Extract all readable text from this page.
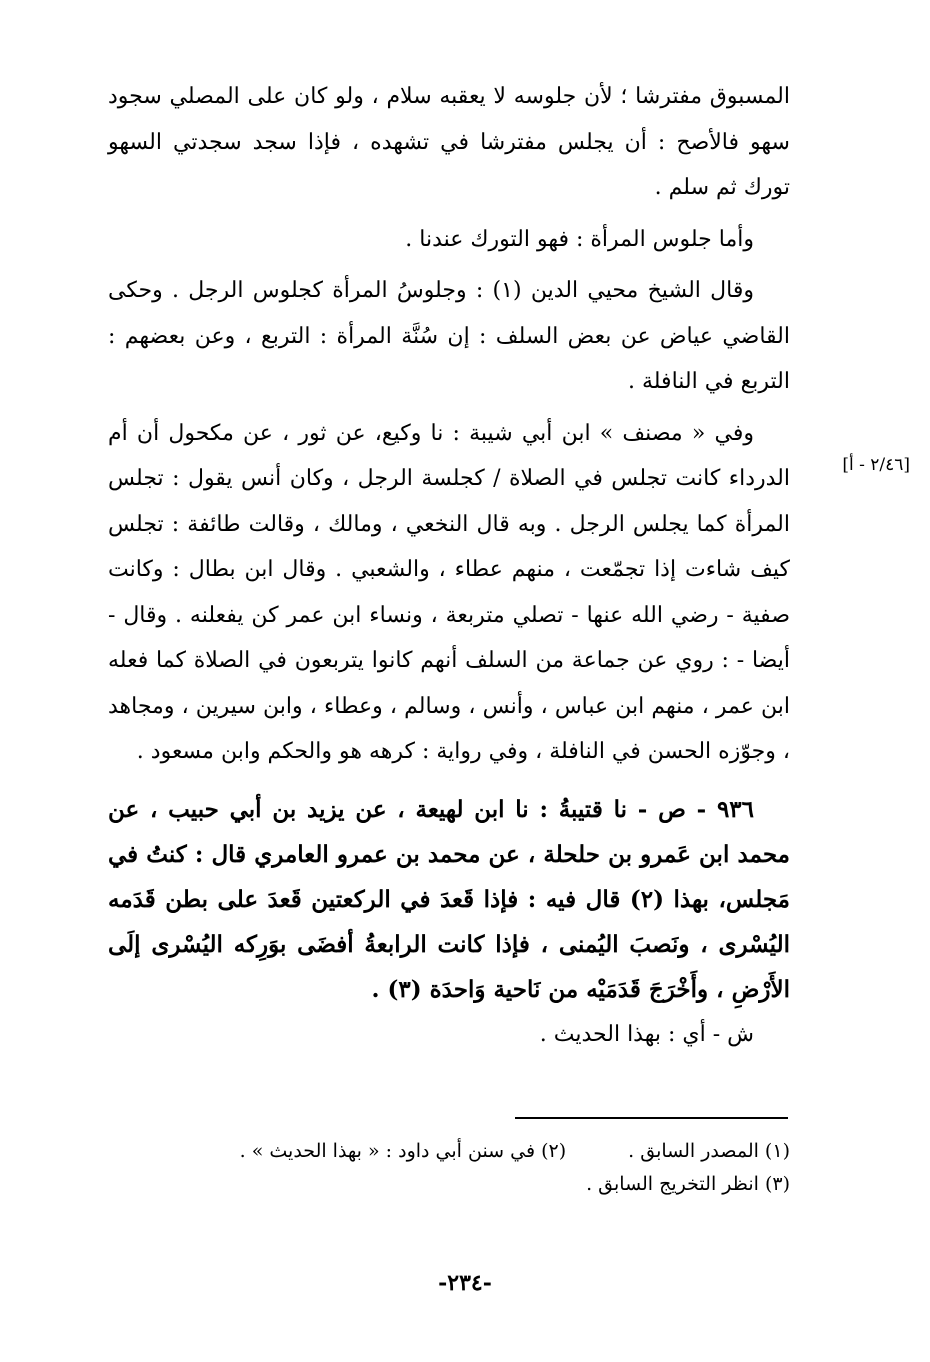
المسبوق مفترشا ؛ لأن جلوسه لا يعقبه سلام ، ولو كان على المصلي سجود سهو فالأصح : أن يجلس مفترشا في تشهده ، فإذا سجد سجدتي السهو تورك ثم سلم .

وأما جلوس المرأة : فهو التورك عندنا .

وقال الشيخ محيي الدين (١) : وجلوسُ المرأة كجلوس الرجل . وحكى القاضي عياض عن بعض السلف : إن سُنَّة المرأة : التربع ، وعن بعضهم : التربع في النافلة .

وفي « مصنف » ابن أبي شيبة : نا وكيع، عن ثور ، عن مكحول أن أم الدرداء كانت تجلس في الصلاة / كجلسة الرجل ، وكان أنس يقول : تجلس المرأة كما يجلس الرجل . وبه قال النخعي ، ومالك ، وقالت طائفة : تجلس كيف شاءت إذا تجمّعت ، منهم عطاء ، والشعبي . وقال ابن بطال : وكانت صفية - رضي الله عنها - تصلي متربعة ، ونساء ابن عمر كن يفعلنه . وقال - أيضا - : روي عن جماعة من السلف أنهم كانوا يتربعون في الصلاة كما فعله ابن عمر ، منهم ابن عباس ، وأنس ، وسالم ، وعطاء ، وابن سيرين ، ومجاهد ، وجوّزه الحسن في النافلة ، وفي رواية : كرهه هو والحكم وابن مسعود .

٩٣٦ - ص - نا قتيبةُ : نا ابن لهيعة ، عن يزيد بن أبي حبيب ، عن محمد ابن عَمرو بن حلحلة ، عن محمد بن عمرو العامري قال : كنتُ في مَجلس، بهذا (٢) قال فيه : فإذا قَعدَ في الركعتين قَعدَ على بطن قَدَمه اليُسْرى ، ونَصبَ اليُمنى ، فإذا كانت الرابعةُ أفضَى بوَرِكه اليُسْرى إلَى الأَرْضِ ، وأَخْرَجَ قَدَمَيْه من نَاحية وَاحدَة (٣) .

ش - أي : بهذا الحديث .

[٢/٤٦ - أ]
(١) المصدر السابق .
(٢) في سنن أبي داود : « بهذا الحديث » .
(٣) انظر التخريج السابق .
-٢٣٤-
